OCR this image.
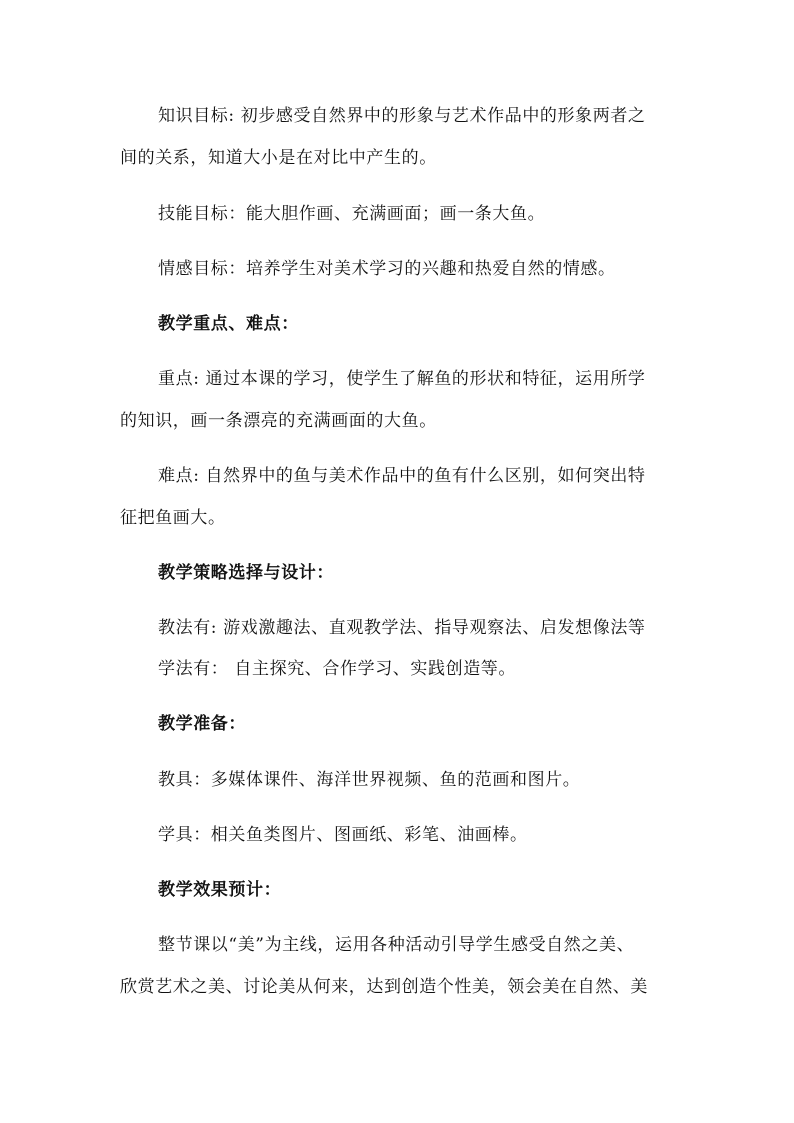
知识目标: 初步感受自然界中的形象与艺术作品中的形象两者之
间的关系，知道大小是在对比中产生的。
技能目标：能大胆作画、充满画面；画一条大鱼。
情感目标：培养学生对美术学习的兴趣和热爱自然的情感。
教学重点、难点：
重点: 通过本课的学习，使学生了解鱼的形状和特征，运用所学
的知识，画一条漂亮的充满画面的大鱼。
难点: 自然界中的鱼与美术作品中的鱼有什么区别，如何突出特
征把鱼画大。
教学策略选择与设计：
教法有: 游戏激趣法、直观教学法、指导观察法、启发想像法等
学法有： 自主探究、合作学习、实践创造等。
教学准备：
教具：多媒体课件、海洋世界视频、鱼的范画和图片。
学具：相关鱼类图片、图画纸、彩笔、油画棒。
教学效果预计：
整节课以“美”为主线，运用各种活动引导学生感受自然之美、
欣赏艺术之美、讨论美从何来，达到创造个性美，领会美在自然、美
